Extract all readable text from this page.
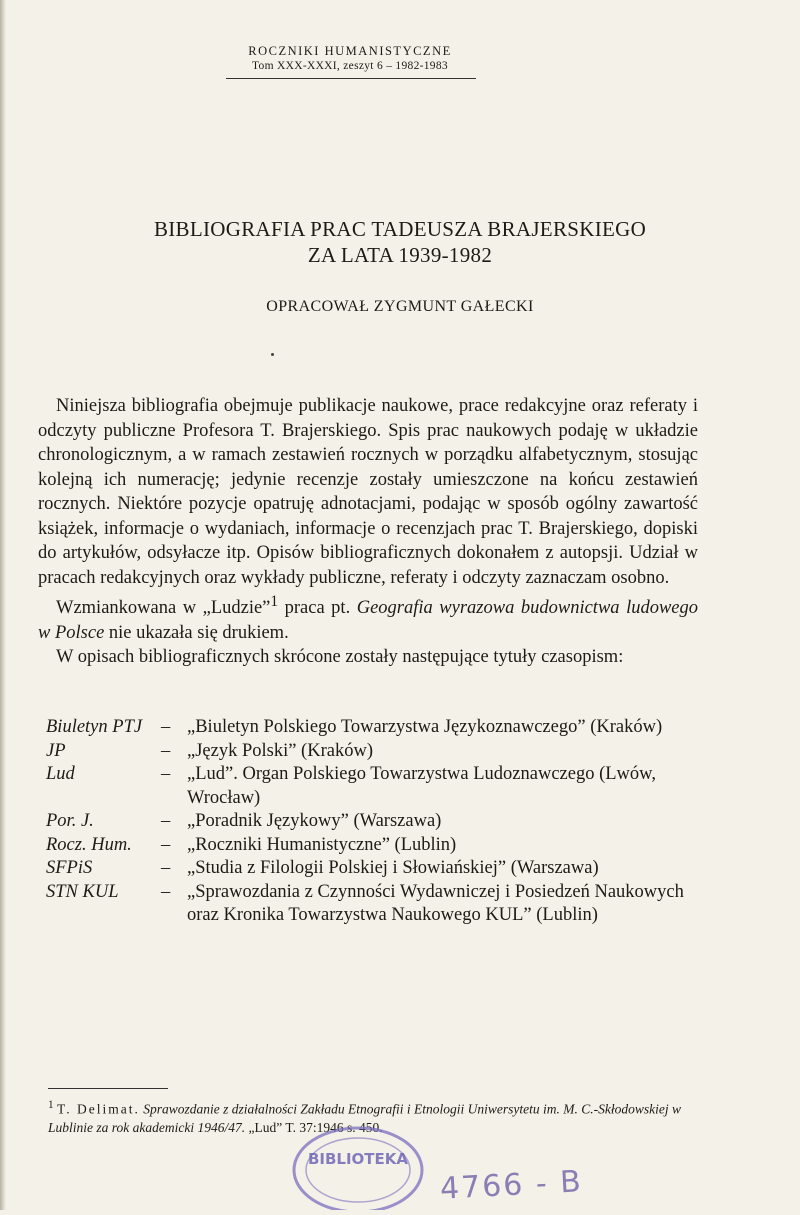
ROCZNIKI HUMANISTYCZNE
Tom XXX-XXXI, zeszyt 6 – 1982-1983
BIBLIOGRAFIA PRAC TADEUSZA BRAJERSKIEGO
ZA LATA 1939-1982
OPRACOWAŁ ZYGMUNT GAŁECKI

Niniejsza bibliografia obejmuje publikacje naukowe, prace redakcyjne oraz referaty i odczyty publiczne Profesora T. Brajerskiego. Spis prac naukowych podaję w układzie chronologicznym, a w ramach zestawień rocznych w porządku alfabetycznym, stosując kolejną ich numerację; jedynie recenzje zostały umieszczone na końcu zestawień rocznych. Niektóre pozycje opatruję adnotacjami, podając w sposób ogólny zawartość książek, informacje o wydaniach, informacje o recenzjach prac T. Brajerskiego, dopiski do artykułów, odsyłacze itp. Opisów bibliograficznych dokonałem z autopsji. Udział w pracach redakcyjnych oraz wykłady publiczne, referaty i odczyty zaznaczam osobno.

Wzmiankowana w „Ludzie”$^1$ praca pt. Geografia wyrazowa budownictwa ludowego w Polsce nie ukazała się drukiem.

W opisach bibliograficznych skrócone zostały następujące tytuły czasopism:

Biuletyn PTJ	– „Biuletyn Polskiego Towarzystwa Językoznawczego” (Kraków)
JP	– „Język Polski” (Kraków)
Lud	– „Lud”. Organ Polskiego Towarzystwa Ludoznawczego (Lwów, Wrocław)
Por. J.	– „Poradnik Językowy” (Warszawa)
Rocz. Hum.	– „Roczniki Humanistyczne” (Lublin)
SFPiS	– „Studia z Filologii Polskiej i Słowiańskiej” (Warszawa)
STN KUL	– „Sprawozdania z Czynności Wydawniczej i Posiedzeń Naukowych oraz Kronika Towarzystwa Naukowego KUL” (Lublin)
$^1$ T. Delimat. Sprawozdanie z działalności Zakładu Etnografii i Etnologii Uniwersytetu im. M. C.-Skłodowskiej w Lublinie za rok akademicki 1946/47. „Lud” T. 37:1946 s. 450.
BIBLIOTEKA
4766 - B
